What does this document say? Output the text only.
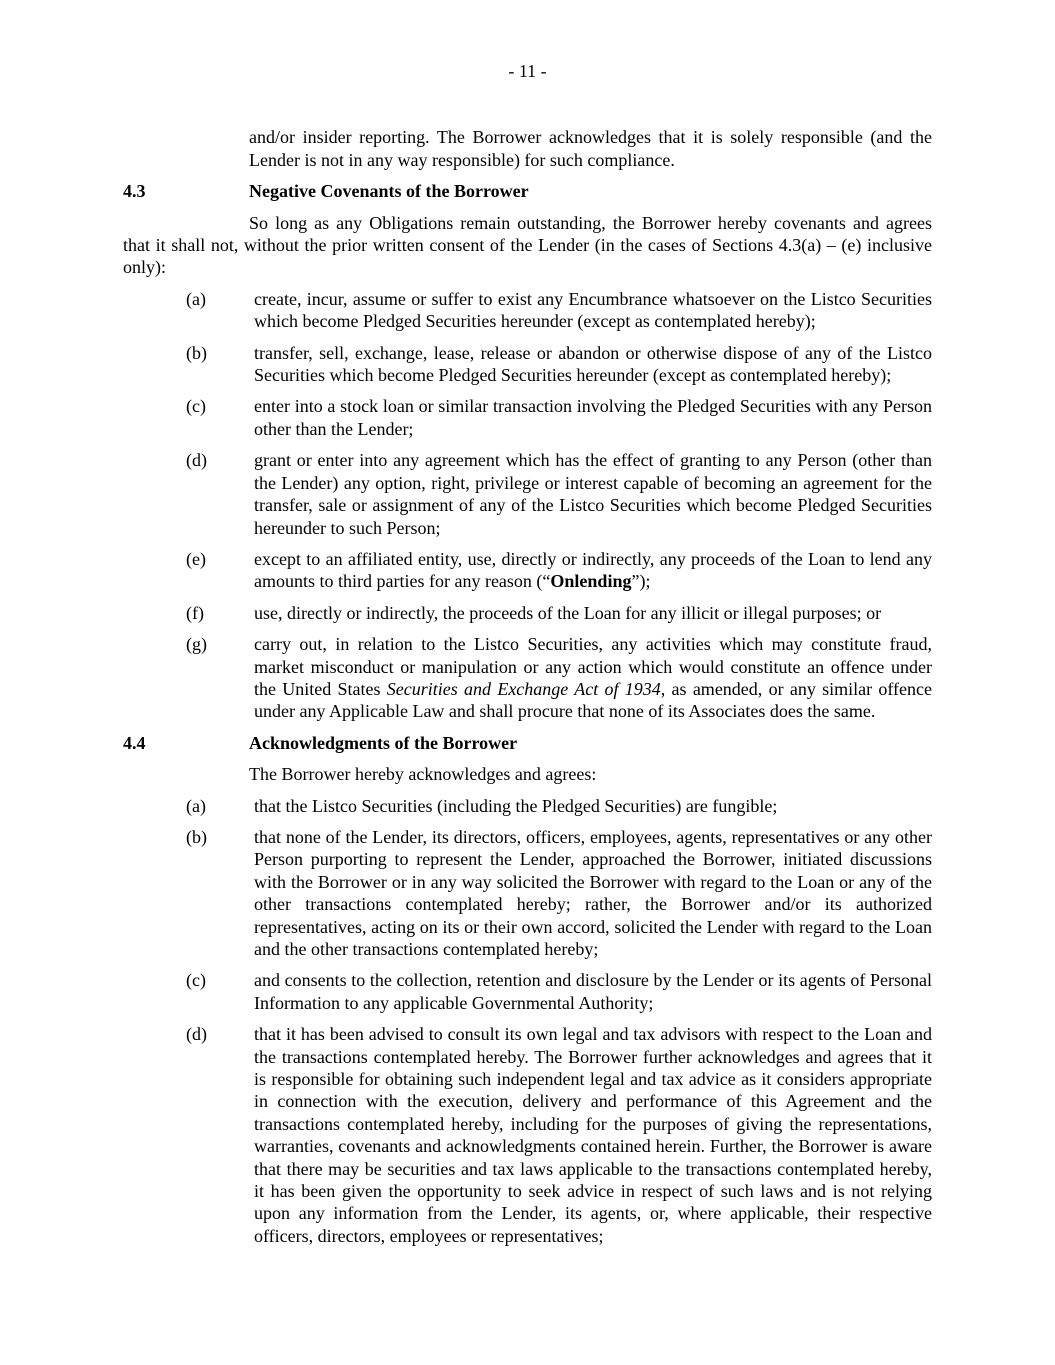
- 11 -

and/or insider reporting. The Borrower acknowledges that it is solely responsible (and the Lender is not in any way responsible) for such compliance.

4.3	Negative Covenants of the Borrower

So long as any Obligations remain outstanding, the Borrower hereby covenants and agrees that it shall not, without the prior written consent of the Lender (in the cases of Sections 4.3(a) – (e) inclusive only):

(a)	create, incur, assume or suffer to exist any Encumbrance whatsoever on the Listco Securities which become Pledged Securities hereunder (except as contemplated hereby);
(b)	transfer, sell, exchange, lease, release or abandon or otherwise dispose of any of the Listco Securities which become Pledged Securities hereunder (except as contemplated hereby);
(c)	enter into a stock loan or similar transaction involving the Pledged Securities with any Person other than the Lender;
(d)	grant or enter into any agreement which has the effect of granting to any Person (other than the Lender) any option, right, privilege or interest capable of becoming an agreement for the transfer, sale or assignment of any of the Listco Securities which become Pledged Securities hereunder to such Person;
(e)	except to an affiliated entity, use, directly or indirectly, any proceeds of the Loan to lend any amounts to third parties for any reason (“Onlending”);
(f)	use, directly or indirectly, the proceeds of the Loan for any illicit or illegal purposes; or
(g)	carry out, in relation to the Listco Securities, any activities which may constitute fraud, market misconduct or manipulation or any action which would constitute an offence under the United States Securities and Exchange Act of 1934, as amended, or any similar offence under any Applicable Law and shall procure that none of its Associates does the same.
4.4	Acknowledgments of the Borrower

The Borrower hereby acknowledges and agrees:

(a)	that the Listco Securities (including the Pledged Securities) are fungible;
(b)	that none of the Lender, its directors, officers, employees, agents, representatives or any other Person purporting to represent the Lender, approached the Borrower, initiated discussions with the Borrower or in any way solicited the Borrower with regard to the Loan or any of the other transactions contemplated hereby; rather, the Borrower and/or its authorized representatives, acting on its or their own accord, solicited the Lender with regard to the Loan and the other transactions contemplated hereby;
(c)	and consents to the collection, retention and disclosure by the Lender or its agents of Personal Information to any applicable Governmental Authority;
(d)	that it has been advised to consult its own legal and tax advisors with respect to the Loan and the transactions contemplated hereby. The Borrower further acknowledges and agrees that it is responsible for obtaining such independent legal and tax advice as it considers appropriate in connection with the execution, delivery and performance of this Agreement and the transactions contemplated hereby, including for the purposes of giving the representations, warranties, covenants and acknowledgments contained herein. Further, the Borrower is aware that there may be securities and tax laws applicable to the transactions contemplated hereby, it has been given the opportunity to seek advice in respect of such laws and is not relying upon any information from the Lender, its agents, or, where applicable, their respective officers, directors, employees or representatives;
